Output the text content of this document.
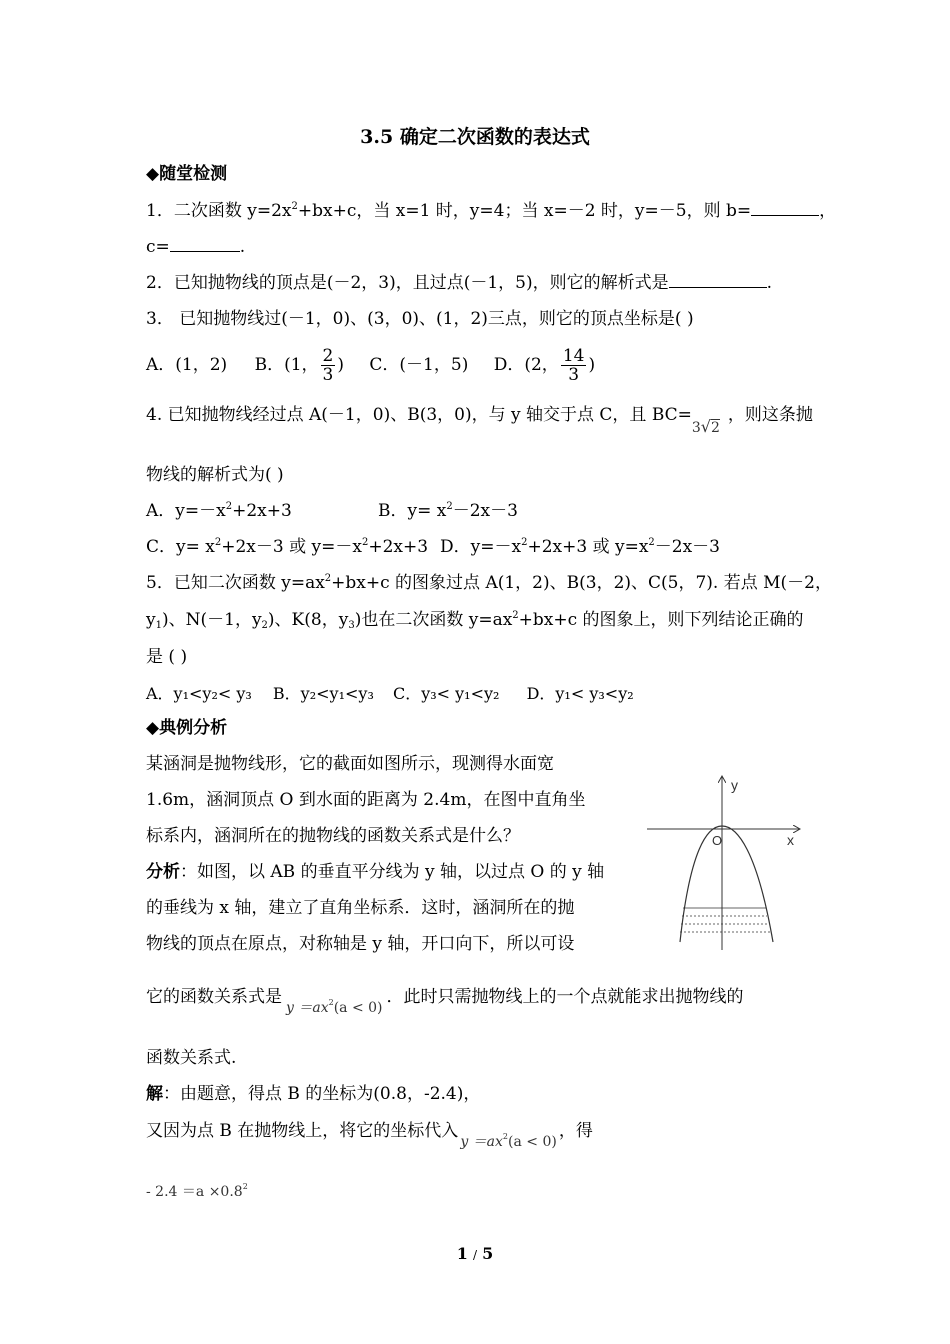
3.5 确定二次函数的表达式
◆随堂检测
1．二次函数 $y=2x^2+bx+c$，当 x=1 时，y=4；当 x=－2 时，y=－5，则 b=	，
c=	.
2．已知抛物线的顶点是(－2，3)，且过点(－1，5)，则它的解析式是	.
3． 已知抛物线过(－1，0)、(3，0)、(1，2)三点，则它的顶点坐标是( )
A．(1，2) B．(1， $\frac{2}{3}$ ) C．(－1，5) D．(2， $\frac{14}{3}$ )
4. 已知抛物线经过点 A(－1，0)、B(3，0)，与 y 轴交于点 C，且 BC=3√2，则这条抛
物线的解析式为( )
A．$y=-x^2+2x+3$	B．$y= x^2-2x-3$
C．$y= x^2+2x-3$ 或 $y=-x^2+2x+3$ D．$y=-x^2+2x+3$ 或 $y=x^2-2x-3$
5．已知二次函数 $y=ax^2+bx+c$ 的图象过点 A(1，2)、B(3，2)、C(5，7). 若点 M(－2，
$y_1$)、N(－1，$y_2$)、K(8，$y_3$)也在二次函数 $y=ax^2+bx+c$ 的图象上，则下列结论正确的
是 ( )
A．y₁<y₂< y₃ B．y₂<y₁<y₃ C．y₃< y₁<y₂ D．y₁< y₃<y₂
◆典例分析
某涵洞是抛物线形，它的截面如图所示，现测得水面宽
1.6m，涵洞顶点 O 到水面的距离为 2.4m，在图中直角坐
标系内，涵洞所在的抛物线的函数关系式是什么？
分析：如图，以 AB 的垂直平分线为 y 轴，以过点 O 的 y 轴
的垂线为 x 轴，建立了直角坐标系．这时，涵洞所在的抛
物线的顶点在原点，对称轴是 y 轴，开口向下，所以可设
它的函数关系式是$_{y =ax^2(a < 0)}$．此时只需抛物线上的一个点就能求出抛物线的
函数关系式.
解：由题意，得点 B 的坐标为(0.8，-2.4)，
又因为点 B 在抛物线上，将它的坐标代入$_{y =ax^2(a < 0)}$，得
- $2.4 =a \times 0.8^2$
y
x
O
1 / 5
